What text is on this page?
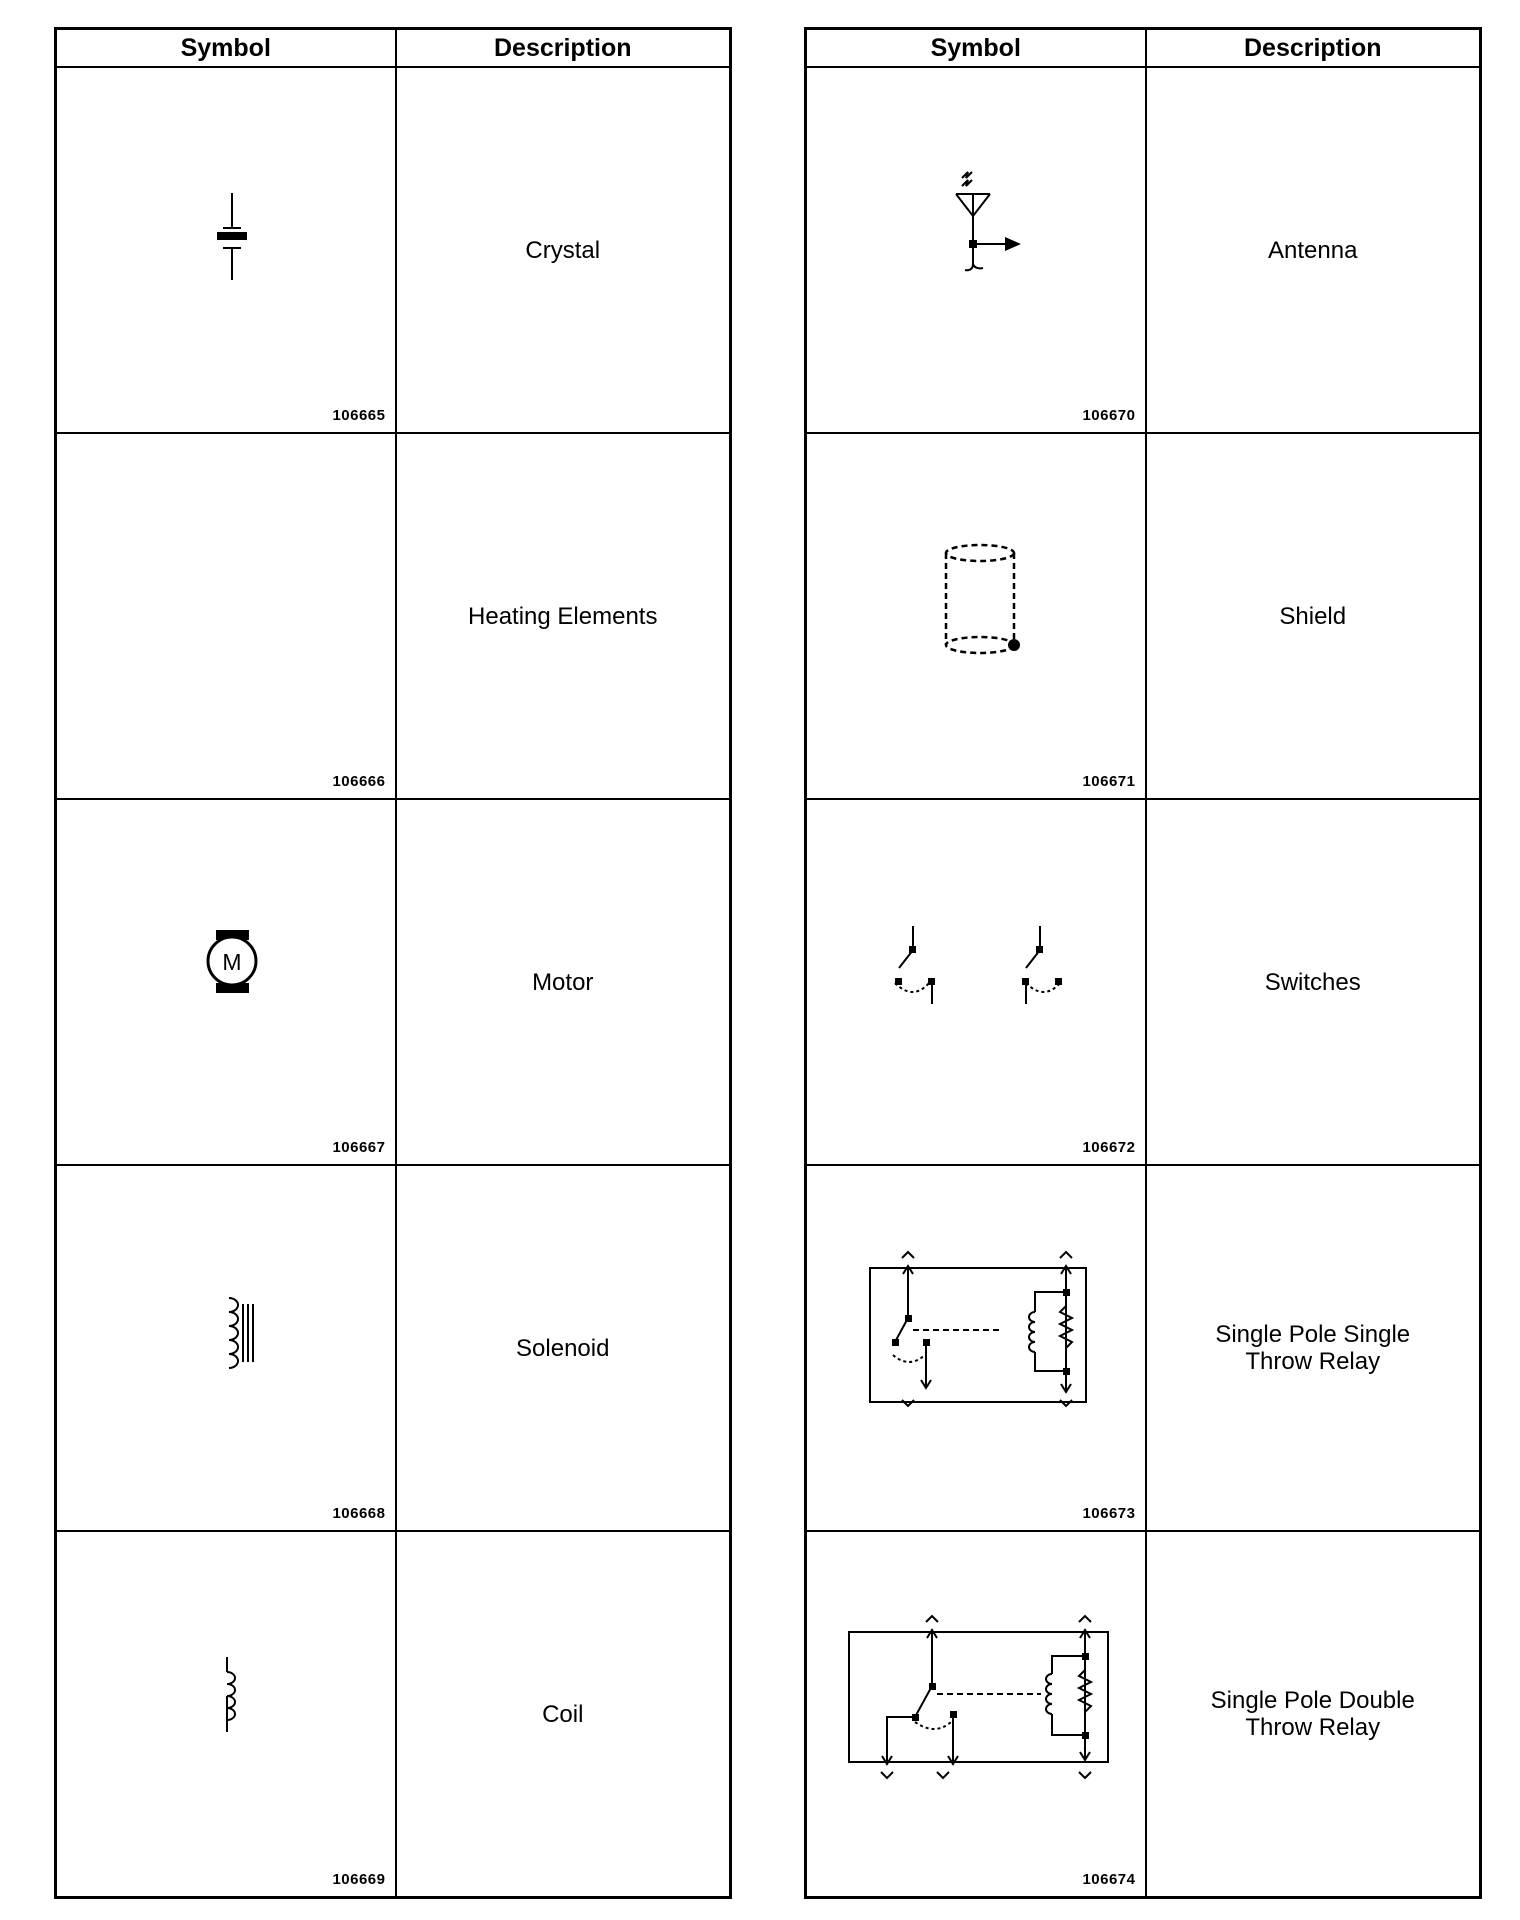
Symbol	Description

106665	Crystal

106666	Heating Elements

M
106667	Motor

106668	Solenoid

106669	Coil
Symbol	Description

106670	Antenna

106671	Shield

106672	Switches

106673	Single Pole Single Throw Relay

106674	Single Pole Double Throw Relay
